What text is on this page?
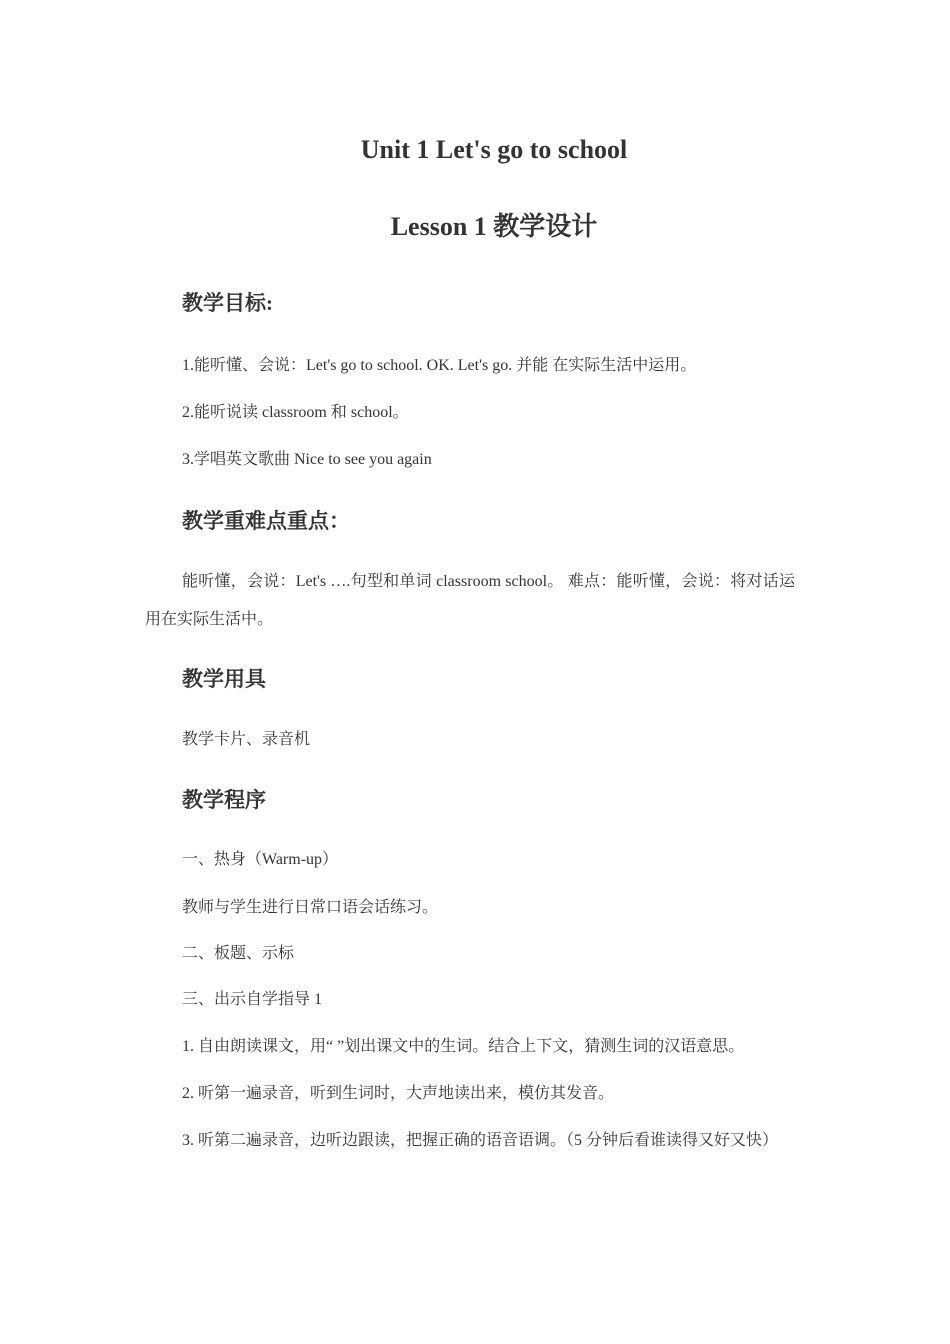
Unit 1 Let's go to school
Lesson 1 教学设计
教学目标:
1.能听懂、会说：Let's go to school. OK. Let's go. 并能 在实际生活中运用。
2.能听说读 classroom 和 school。
3.学唱英文歌曲 Nice to see you again
教学重难点重点：
能听懂，会说：Let's ….句型和单词 classroom school。 难点：能听懂，会说：将对话运用在实际生活中。
教学用具
教学卡片、录音机
教学程序
一、热身（Warm-up）
教师与学生进行日常口语会话练习。
二、板题、示标
三、出示自学指导 1
1. 自由朗读课文，用“ ”划出课文中的生词。结合上下文，猜测生词的汉语意思。
2. 听第一遍录音，听到生词时，大声地读出来，模仿其发音。
3. 听第二遍录音，边听边跟读，把握正确的语音语调。（5 分钟后看谁读得又好又快）
